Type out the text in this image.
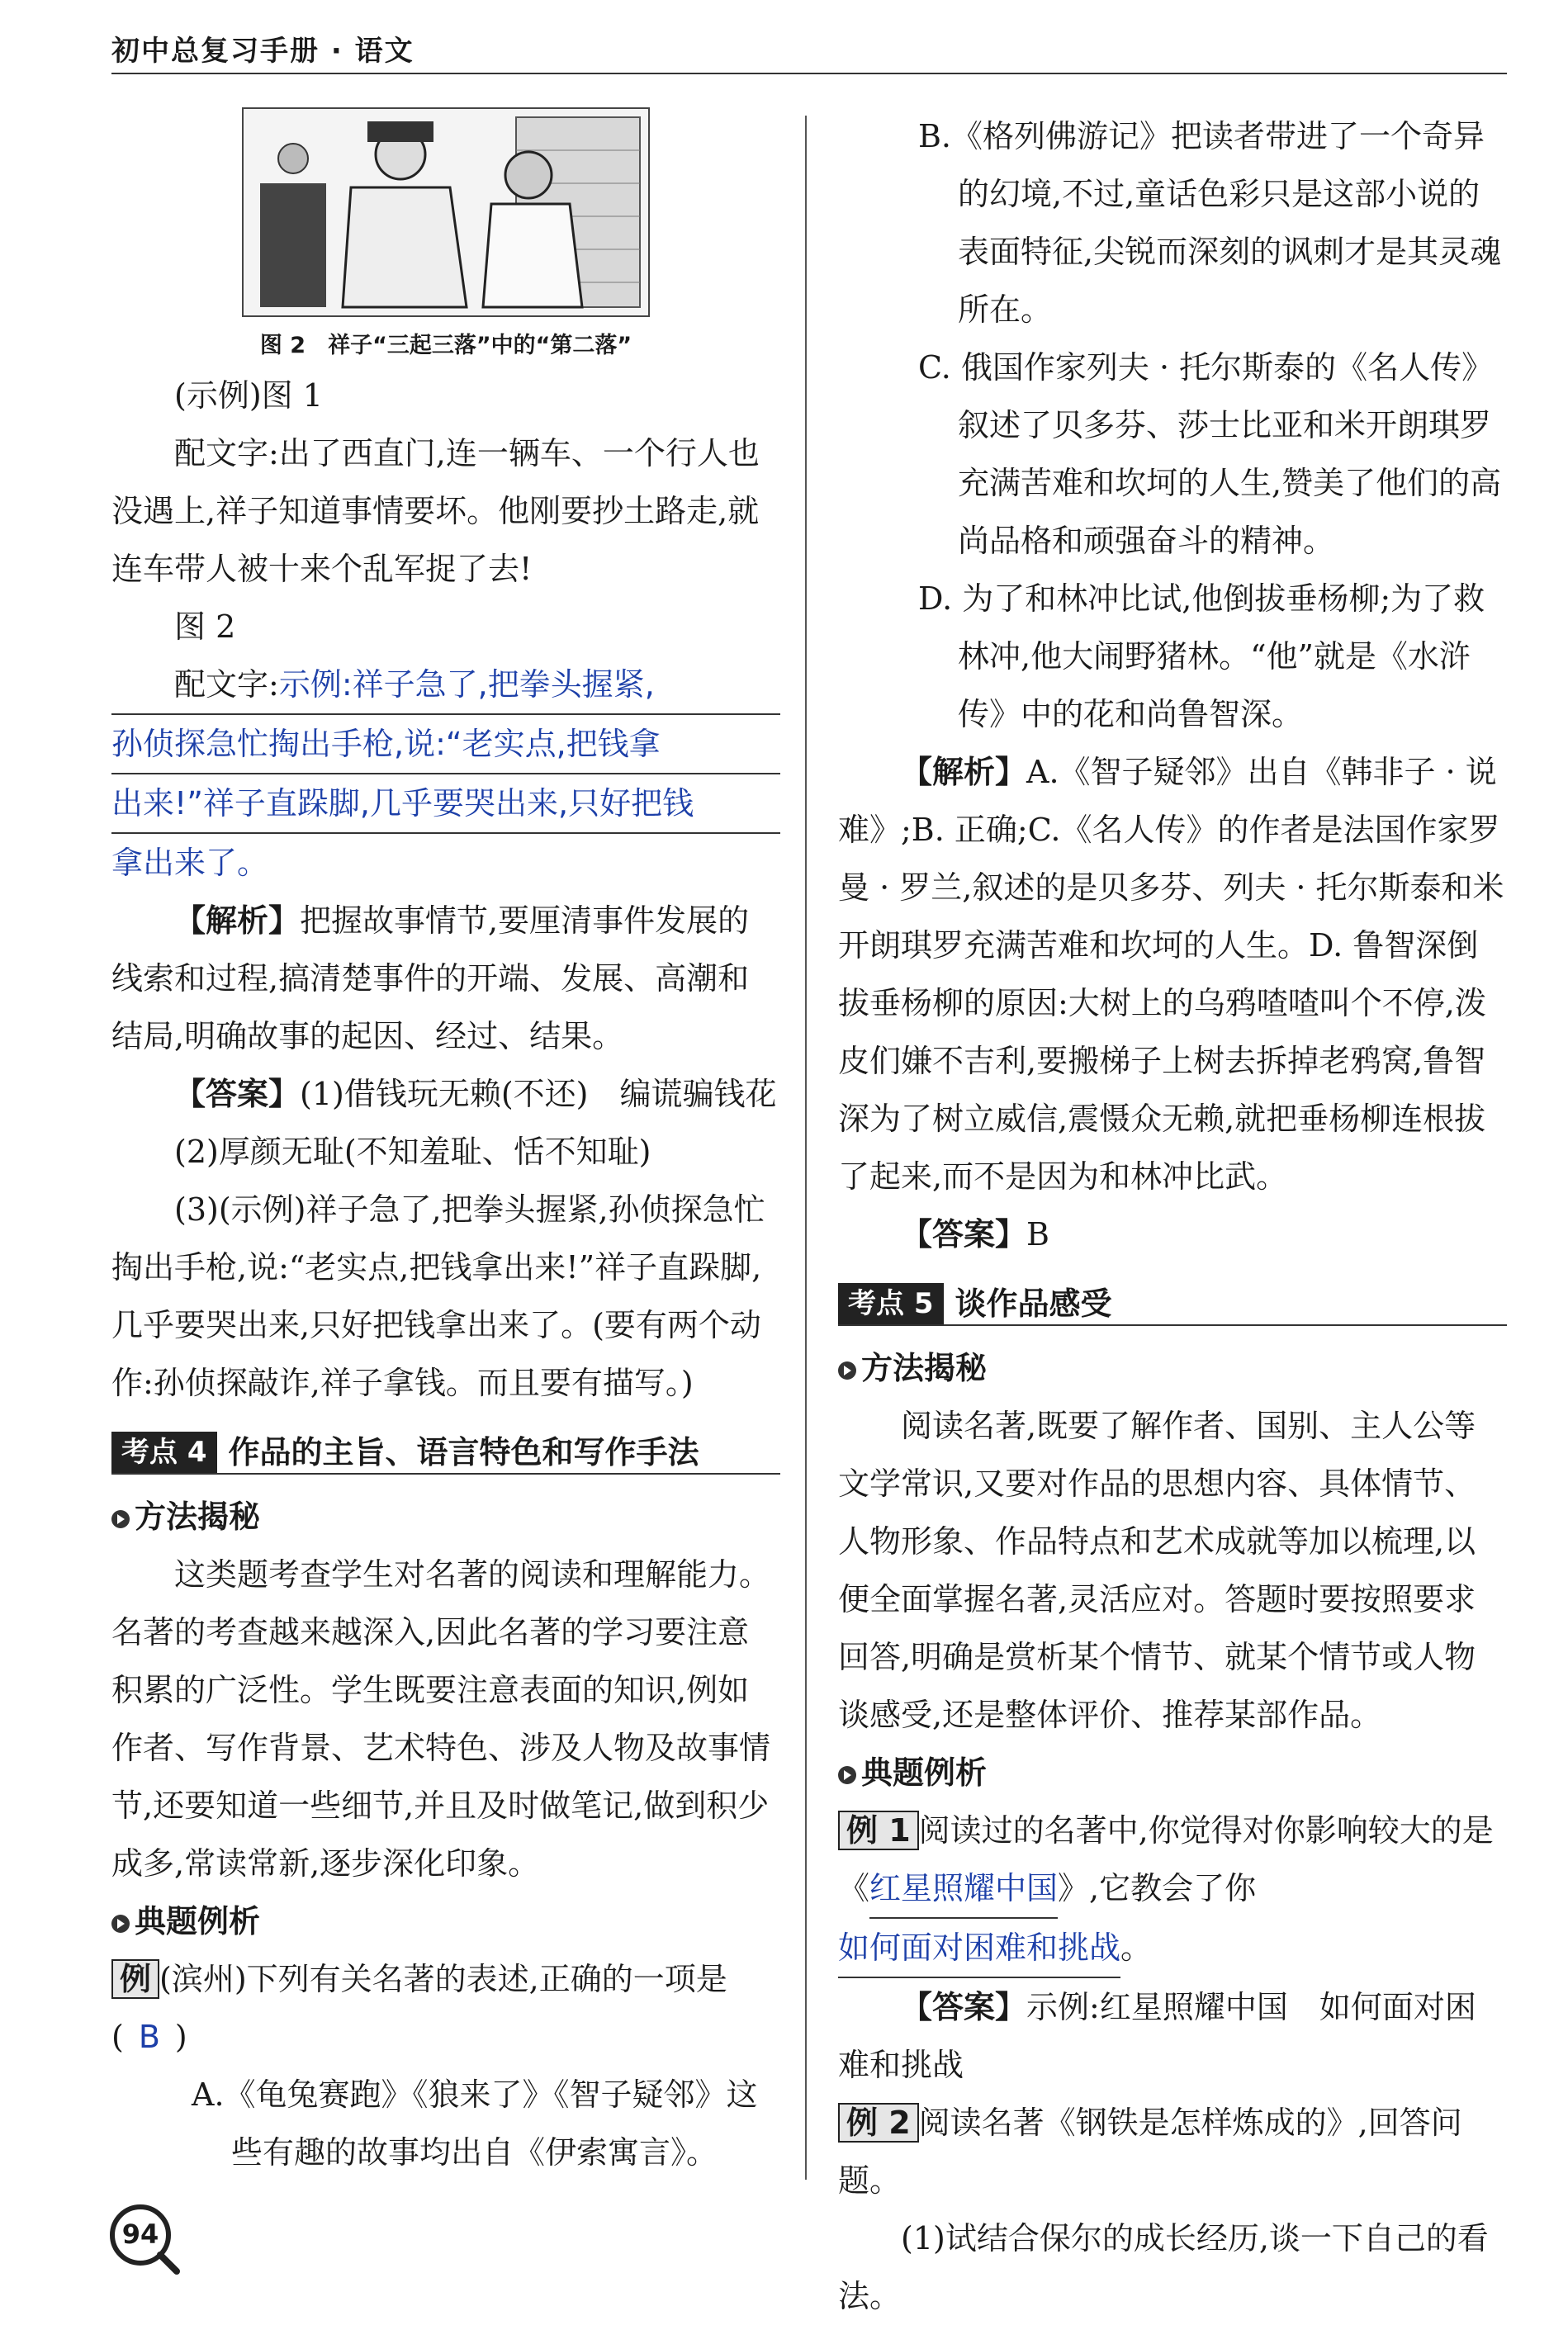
初中总复习手册 · 语文
图 2　祥子“三起三落”中的“第二落”

(示例)图 1

配文字:出了西直门,连一辆车、一个行人也没遇上,祥子知道事情要坏。他刚要抄土路走,就连车带人被十来个乱军捉了去!

图 2

配文字:示例:祥子急了,把拳头握紧,

孙侦探急忙掏出手枪,说:“老实点,把钱拿

出来!”祥子直跺脚,几乎要哭出来,只好把钱

拿出来了。

【解析】把握故事情节,要厘清事件发展的线索和过程,搞清楚事件的开端、发展、高潮和结局,明确故事的起因、经过、结果。

【答案】(1)借钱玩无赖(不还)　编谎骗钱花

(2)厚颜无耻(不知羞耻、恬不知耻)

(3)(示例)祥子急了,把拳头握紧,孙侦探急忙掏出手枪,说:“老实点,把钱拿出来!”祥子直跺脚,几乎要哭出来,只好把钱拿出来了。(要有两个动作:孙侦探敲诈,祥子拿钱。而且要有描写。)

考点 4 作品的主旨、语言特色和写作手法

方法揭秘

这类题考查学生对名著的阅读和理解能力。名著的考查越来越深入,因此名著的学习要注意积累的广泛性。学生既要注意表面的知识,例如作者、写作背景、艺术特色、涉及人物及故事情节,还要知道一些细节,并且及时做笔记,做到积少成多,常读常新,逐步深化印象。

典题例析

例 (滨州)下列有关名著的表述,正确的一项是( B )

A.《龟兔赛跑》《狼来了》《智子疑邻》这些有趣的故事均出自《伊索寓言》。

B.《格列佛游记》把读者带进了一个奇异的幻境,不过,童话色彩只是这部小说的表面特征,尖锐而深刻的讽刺才是其灵魂所在。

C. 俄国作家列夫 · 托尔斯泰的《名人传》叙述了贝多芬、莎士比亚和米开朗琪罗充满苦难和坎坷的人生,赞美了他们的高尚品格和顽强奋斗的精神。

D. 为了和林冲比试,他倒拔垂杨柳;为了救林冲,他大闹野猪林。“他”就是《水浒传》中的花和尚鲁智深。

【解析】A.《智子疑邻》出自《韩非子 · 说难》;B. 正确;C.《名人传》的作者是法国作家罗曼 · 罗兰,叙述的是贝多芬、列夫 · 托尔斯泰和米开朗琪罗充满苦难和坎坷的人生。D. 鲁智深倒拔垂杨柳的原因:大树上的乌鸦喳喳叫个不停,泼皮们嫌不吉利,要搬梯子上树去拆掉老鸦窝,鲁智深为了树立威信,震慑众无赖,就把垂杨柳连根拔了起来,而不是因为和林冲比武。

【答案】B

考点 5 谈作品感受

方法揭秘

阅读名著,既要了解作者、国别、主人公等文学常识,又要对作品的思想内容、具体情节、人物形象、作品特点和艺术成就等加以梳理,以便全面掌握名著,灵活应对。答题时要按照要求回答,明确是赏析某个情节、就某个情节或人物谈感受,还是整体评价、推荐某部作品。

典题例析

例 1 阅读过的名著中,你觉得对你影响较大的是《红星照耀中国》,它教会了你如何面对困难和挑战。

【答案】示例:红星照耀中国　如何面对困难和挑战

例 2 阅读名著《钢铁是怎样炼成的》,回答问题。

(1)试结合保尔的成长经历,谈一下自己的看法。

94
